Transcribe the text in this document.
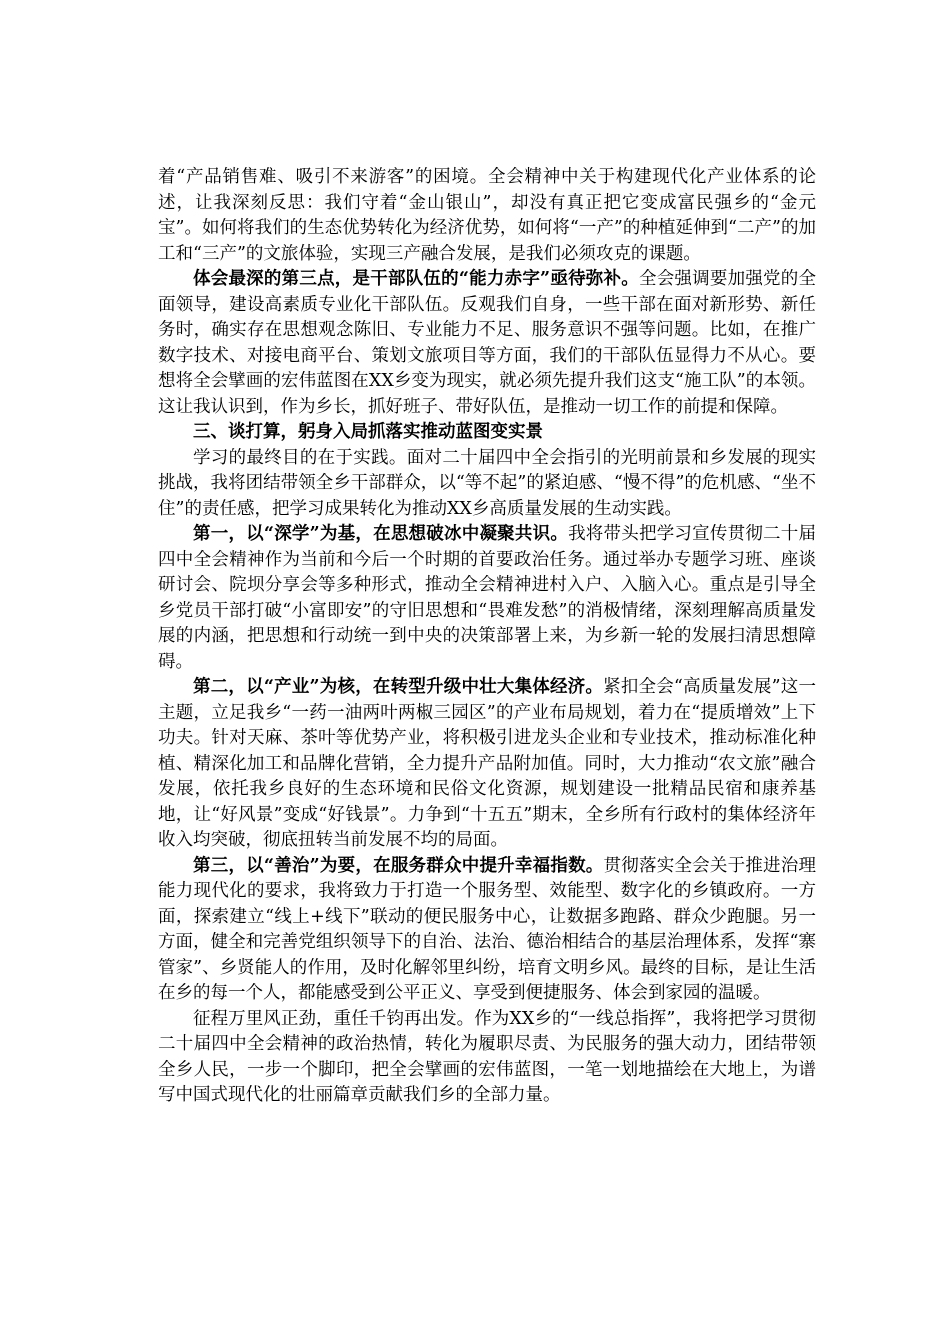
着“产品销售难、吸引不来游客”的困境。全会精神中关于构建现代化产业体系的论述，让我深刻反思：我们守着“金山银山”，却没有真正把它变成富民强乡的“金元宝”。如何将我们的生态优势转化为经济优势，如何将“一产”的种植延伸到“二产”的加工和“三产”的文旅体验，实现三产融合发展，是我们必须攻克的课题。

体会最深的第三点，是干部队伍的“能力赤字”亟待弥补。全会强调要加强党的全面领导，建设高素质专业化干部队伍。反观我们自身，一些干部在面对新形势、新任务时，确实存在思想观念陈旧、专业能力不足、服务意识不强等问题。比如，在推广数字技术、对接电商平台、策划文旅项目等方面，我们的干部队伍显得力不从心。要想将全会擘画的宏伟蓝图在XX乡变为现实，就必须先提升我们这支“施工队”的本领。这让我认识到，作为乡长，抓好班子、带好队伍，是推动一切工作的前提和保障。

三、谈打算，躬身入局抓落实推动蓝图变实景

学习的最终目的在于实践。面对二十届四中全会指引的光明前景和乡发展的现实挑战，我将团结带领全乡干部群众，以“等不起”的紧迫感、“慢不得”的危机感、“坐不住”的责任感，把学习成果转化为推动XX乡高质量发展的生动实践。

第一，以“深学”为基，在思想破冰中凝聚共识。我将带头把学习宣传贯彻二十届四中全会精神作为当前和今后一个时期的首要政治任务。通过举办专题学习班、座谈研讨会、院坝分享会等多种形式，推动全会精神进村入户、入脑入心。重点是引导全乡党员干部打破“小富即安”的守旧思想和“畏难发愁”的消极情绪，深刻理解高质量发展的内涵，把思想和行动统一到中央的决策部署上来，为乡新一轮的发展扫清思想障碍。

第二，以“产业”为核，在转型升级中壮大集体经济。紧扣全会“高质量发展”这一主题，立足我乡“一药一油两叶两椒三园区”的产业布局规划，着力在“提质增效”上下功夫。针对天麻、茶叶等优势产业，将积极引进龙头企业和专业技术，推动标准化种植、精深化加工和品牌化营销，全力提升产品附加值。同时，大力推动“农文旅”融合发展，依托我乡良好的生态环境和民俗文化资源，规划建设一批精品民宿和康养基地，让“好风景”变成“好钱景”。力争到“十五五”期末，全乡所有行政村的集体经济年收入均突破，彻底扭转当前发展不均的局面。

第三，以“善治”为要，在服务群众中提升幸福指数。贯彻落实全会关于推进治理能力现代化的要求，我将致力于打造一个服务型、效能型、数字化的乡镇政府。一方面，探索建立“线上+线下”联动的便民服务中心，让数据多跑路、群众少跑腿。另一方面，健全和完善党组织领导下的自治、法治、德治相结合的基层治理体系，发挥“寨管家”、乡贤能人的作用，及时化解邻里纠纷，培育文明乡风。最终的目标，是让生活在乡的每一个人，都能感受到公平正义、享受到便捷服务、体会到家园的温暖。

征程万里风正劲，重任千钧再出发。作为XX乡的“一线总指挥”，我将把学习贯彻二十届四中全会精神的政治热情，转化为履职尽责、为民服务的强大动力，团结带领全乡人民，一步一个脚印，把全会擘画的宏伟蓝图，一笔一划地描绘在大地上，为谱写中国式现代化的壮丽篇章贡献我们乡的全部力量。
